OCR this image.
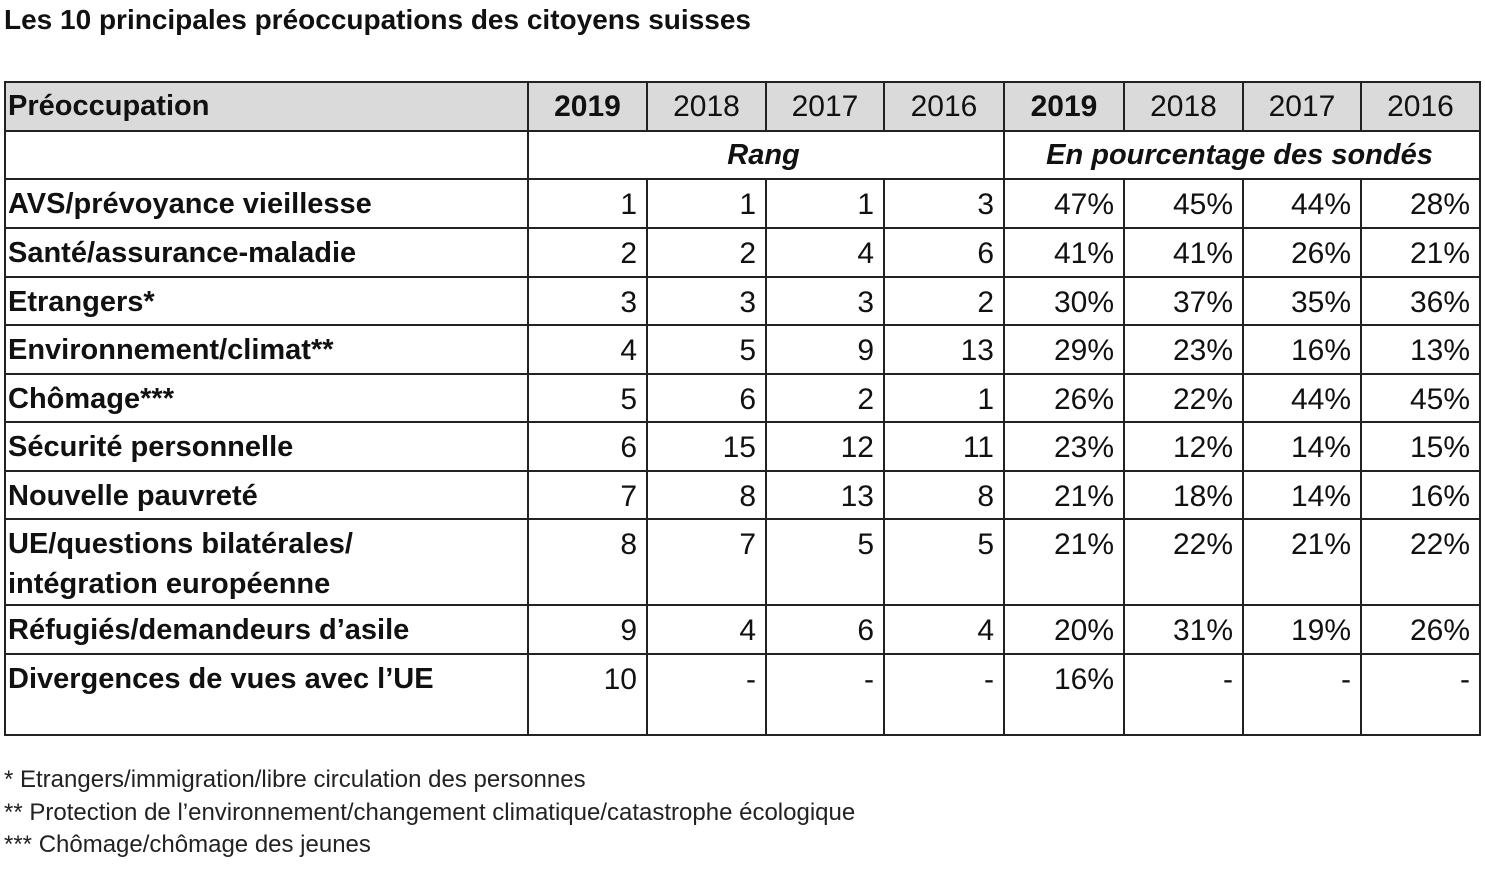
Les 10 principales préoccupations des citoyens suisses
Préoccupation	2019	2018	2017	2016	2019	2018	2017	2016
	Rang				En pourcentage des sondés			
AVS/prévoyance vieillesse	1	1	1	3	47%	45%	44%	28%
Santé/assurance-maladie	2	2	4	6	41%	41%	26%	21%
Etrangers*	3	3	3	2	30%	37%	35%	36%
Environnement/climat**	4	5	9	13	29%	23%	16%	13%
Chômage***	5	6	2	1	26%	22%	44%	45%
Sécurité personnelle	6	15	12	11	23%	12%	14%	15%
Nouvelle pauvreté	7	8	13	8	21%	18%	14%	16%
UE/questions bilatérales/
intégration européenne	8	7	5	5	21%	22%	21%	22%
Réfugiés/demandeurs d’asile	9	4	6	4	20%	31%	19%	26%
Divergences de vues avec l’UE	10	-	-	-	16%	-	-	-
* Etrangers/immigration/libre circulation des personnes
** Protection de l’environnement/changement climatique/catastrophe écologique
*** Chômage/chômage des jeunes
